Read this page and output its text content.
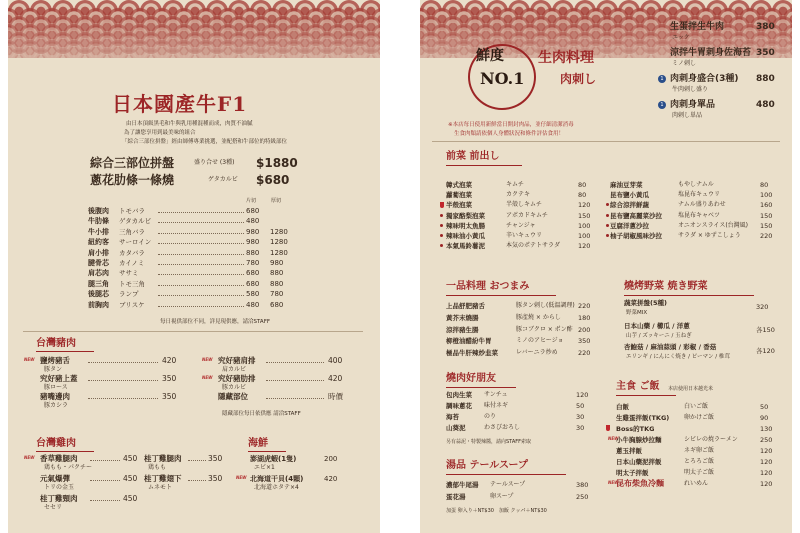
日本國產牛F1
由日本頂級黑毛和牛與乳用種混種而成，肉質不油膩
為了讓您享用到最美味的組合
「綜合三部位拼盤」經由師傅專業挑選，並配搭和牛部位的特級部位
綜合三部位拼盤	盛り合せ (3種) $1880
蔥花肋條一條燒	ゲタカルビ $680
片切	厚切
後腹肉 トモバラ	680
牛肋條 ゲタカルビ	480
牛小排 三角バラ	980 1280
紐約客 サーロイン	980 1280
肩小排 カタバラ	880 1280
腱骨芯 カイノミ	780 980
肩芯肉 ササミ	680 880
腿三角 トモ三角	680 880
後腿芯 ランプ	580 780
前胸肉 ブリスケ	480 680
每日視供部位不同，詳見現供應，請洽STAFF
台灣豬肉
NEW 鹽烤豬舌
豚タン
420
究好豬上蓋
豚ロース
350
豬嘴邊肉
豚カシラ
350
NEW 究好豬肩排
肩カルビ
400
NEW 究好豬肋排
豚カルビ
420
隱藏部位	時價
隱藏部位每日依供應 請洽STAFF
台灣雞肉
NEW 香草雞腿肉
鶏もも・パクチー
450
元氣爆彈
トリの金玉
450
桂丁雞頸肉
セセリ
450
桂丁雞腿肉
鶏もも
350
桂丁雞翅下
ムネモト
350
海鮮
澎湖虎蝦(1隻)
エビ×1
200
NEW 北海道干貝(4顆)
北海道ホタテ×4
420
鮮度
NO.1
生肉料理
肉刺し
生蛋拌生牛肉
ユッケ
380
涼拌牛胃刺身佐海苔
ミノ刺し
350
1 肉刺身盛合(3種)
牛肉刺し盛り
880
1 肉刺身單品
肉刺し単品
480
※本店每日使用新鮮當日開封肉品，並仔細清潔消毒
生食肉類請依個人身體狀況和條件評估食用！
前菜 前出し
韓式泡菜	キムチ	80
蘿蔔泡菜	カクテキ	80
半殻泡菜	半殻しキムチ	120
獨家酪梨泡菜	アボカドキムチ	150
辣味明太魚腸	チャンジャ	100
辣味油小黃瓜	辛いキュウリ	100
本氣馬鈴薯泥	本気のポテトサラダ	120
麻油豆芽菜	もやしナムル	80
昆布鹽小黃瓜	塩昆布キュウリ	100
綜合涼拌鮮蔬	ナムル盛りあわせ	160
昆布鹽高麗菜沙拉	塩昆布キャベツ	150
豆腐洋蔥沙拉	オニオンスライス(台灣風) 150
柚子胡椒風味沙拉	サラダ × ゆずこしょう	220
一品料理 おつまみ
上品舒肥豬舌	豚タン刺し(低溫調理) 220
黃芥末燒腸	豚產燒 × からし	180
涼拌豬生腸	豚コブクロ × ポン酢 200
柳橙油醋紛牛胃	ミノのアヒージョ 350
極品牛肝辣炒韭菜	レバーニラ炒め	220
燒烤野菜 焼き野菜
蔬菜拼盤(5種)
野菜MIX
320
日本山藥 / 櫛瓜 / 洋蔥
山芋 / ズッキーニ / 玉ねぎ
各150
杏鮑菇 / 麻油蒜頭 / 彩椒 / 香菇
エリンギ / にんにく焼き / ピーマン / 椎茸
各120
燒肉好朋友
包肉生菜 サンチュ	120
調味蔥花 味付ネギ	50
海苔	のり	30
山葵泥	わさびおろし	30
另有蒜泥・特製辣醬，請向STAFF索取
湯品 テールスープ
濃郁牛尾湯 テールスープ	380
蛋花湯	卵スープ	250
加蛋 卵入り＋NT$30　加飯 クッパ＋NT$30
主食 ご飯 本店使用日本越光米
白飯	白いご飯	50
生雞蛋拌飯(TKG) 卵かけご飯	90
Boss的TKG	130
NEW
小牛胸腺炒拉麵	シビレの焼ラーメン	250
蔥玉拌飯	ネギ卵ご飯	120
日本山藥泥拌飯	とろろご飯	120
明太子拌飯	明太子ご飯	120
NEW
昆布柴魚冷麵	れいめん	120
